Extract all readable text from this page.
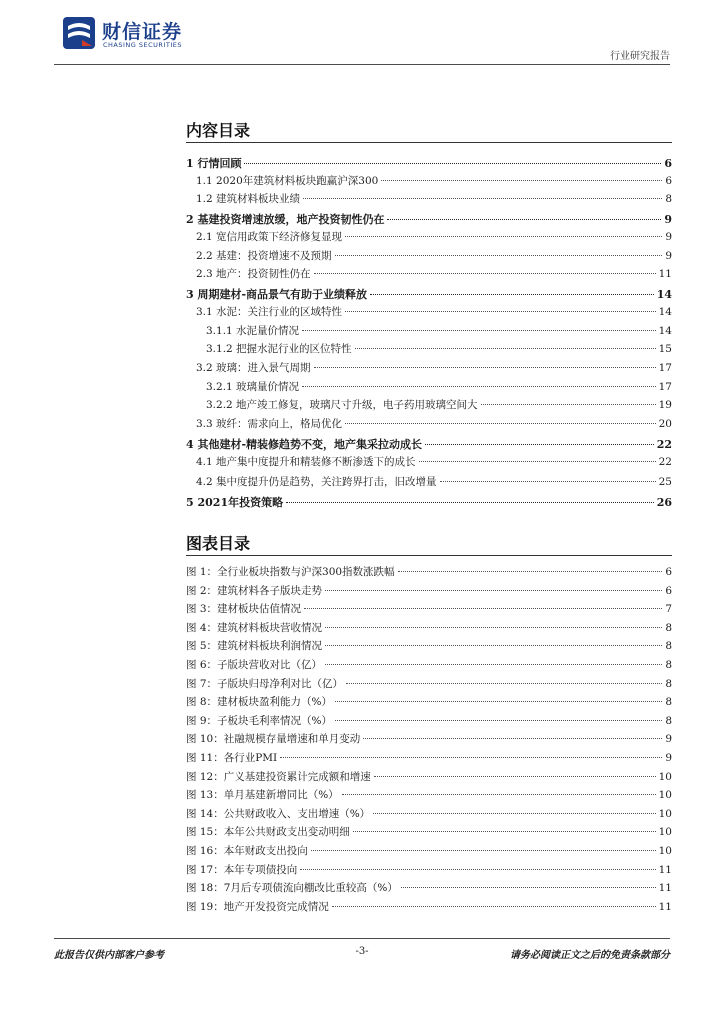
财信证券
CHASING SECURITIES
行业研究报告
内容目录
1 行情回顾	6
1.1 2020年建筑材料板块跑赢沪深300	6
1.2 建筑材料板块业绩	8
2 基建投资增速放缓，地产投资韧性仍在	9
2.1 宽信用政策下经济修复显现	9
2.2 基建：投资增速不及预期	9
2.3 地产：投资韧性仍在	11
3 周期建材-商品景气有助于业绩释放	14
3.1 水泥：关注行业的区域特性	14
3.1.1 水泥量价情况	14
3.1.2 把握水泥行业的区位特性	15
3.2 玻璃：进入景气周期	17
3.2.1 玻璃量价情况	17
3.2.2 地产竣工修复，玻璃尺寸升级，电子药用玻璃空间大	19
3.3 玻纤：需求向上，格局优化	20
4 其他建材-精装修趋势不变，地产集采拉动成长	22
4.1 地产集中度提升和精装修不断渗透下的成长	22
4.2 集中度提升仍是趋势，关注跨界打击，旧改增量	25
5 2021年投资策略	26
图表目录
图 1：全行业板块指数与沪深300指数涨跌幅	6
图 2：建筑材料各子版块走势	6
图 3：建材板块估值情况	7
图 4：建筑材料板块营收情况	8
图 5：建筑材料板块利润情况	8
图 6：子版块营收对比（亿）	8
图 7：子版块归母净利对比（亿）	8
图 8：建材板块盈利能力（%）	8
图 9：子板块毛利率情况（%）	8
图 10：社融规模存量增速和单月变动	9
图 11：各行业PMI	9
图 12：广义基建投资累计完成额和增速	10
图 13：单月基建新增同比（%）	10
图 14：公共财政收入、支出增速（%）	10
图 15：本年公共财政支出变动明细	10
图 16：本年财政支出投向	10
图 17：本年专项债投向	11
图 18：7月后专项债流向棚改比重较高（%）	11
图 19：地产开发投资完成情况	11
此报告仅供内部客户参考	-3-	请务必阅读正文之后的免责条款部分
